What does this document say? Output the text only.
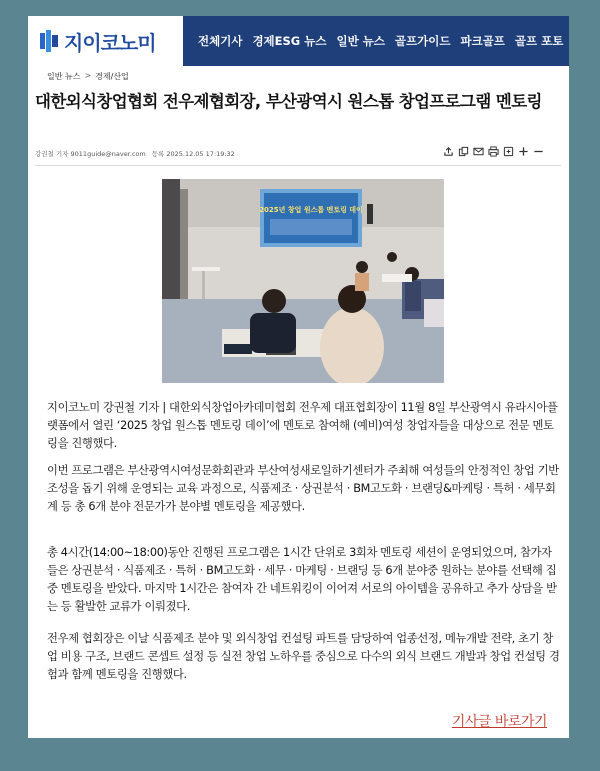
지이코노미	전체기사 경제ESG 뉴스 일반 뉴스 골프가이드 파크골프 골프 포토
일반 뉴스 > 경제/산업
대한외식창업협회 전우제협회장, 부산광역시 원스톱 창업프로그램 멘토링
강권철 기자 9011guide@naver.com 등록 2025.12.05 17:19:32
2025년 창업 원스톱 멘토링 데이
지이코노미 강권철 기자 | 대한외식창업아카데미협회 전우제 대표협회장이 11월 8일 부산광역시 유라시아플랫폼에서 열린 ‘2025 창업 원스톱 멘토링 데이’에 멘토로 참여해 (예비)여성 창업자들을 대상으로 전문 멘토링을 진행했다.
이번 프로그램은 부산광역시여성문화회관과 부산여성새로일하기센터가 주최해 여성들의 안정적인 창업 기반 조성을 돕기 위해 운영되는 교육 과정으로, 식품제조 · 상권분석 · BM고도화 · 브랜딩&마케팅 · 특허 · 세무회계 등 총 6개 분야 전문가가 분야별 멘토링을 제공했다.
총 4시간(14:00~18:00)동안 진행된 프로그램은 1시간 단위로 3회차 멘토링 세션이 운영되었으며, 참가자들은 상권분석 · 식품제조 · 특허 · BM고도화 · 세무 · 마케팅 · 브랜딩 등 6개 분야중 원하는 분야를 선택해 집중 멘토링을 받았다. 마지막 1시간은 참여자 간 네트워킹이 이어져 서로의 아이템을 공유하고 추가 상담을 받는 등 활발한 교류가 이뤄졌다.
전우제 협회장은 이날 식품제조 분야 및 외식창업 컨설팅 파트를 담당하여 업종선정, 메뉴개발 전략, 초기 창업 비용 구조, 브랜드 콘셉트 설정 등 실전 창업 노하우를 중심으로 다수의 외식 브랜드 개발과 창업 컨설팅 경험과 함께 멘토링을 진행했다.
기사글 바로가기
